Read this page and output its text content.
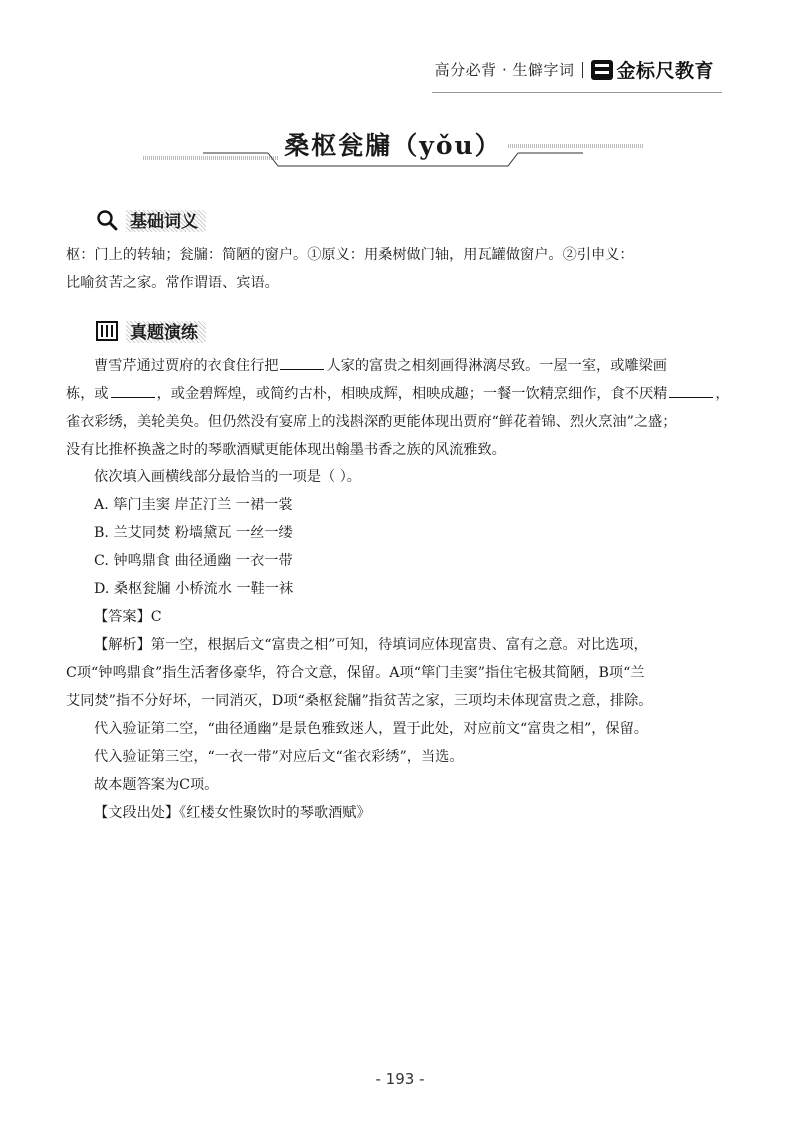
高分必背 · 生僻字词 金标尺教育
桑枢瓮牖（yǒu）
基础词义
枢：门上的转轴；瓮牖：简陋的窗户。①原义：用桑树做门轴，用瓦罐做窗户。②引申义：
比喻贫苦之家。常作谓语、宾语。
真题演练
曹雪芹通过贾府的衣食住行把	人家的富贵之相刻画得淋漓尽致。一屋一室，或雕梁画
栋，或	，或金碧辉煌，或简约古朴，相映成辉，相映成趣；一餐一饮精烹细作，食不厌精	，
雀衣彩绣，美轮美奂。但仍然没有宴席上的浅斟深酌更能体现出贾府“鲜花着锦、烈火烹油”之盛；
没有比推杯换盏之时的琴歌酒赋更能体现出翰墨书香之族的风流雅致。
依次填入画横线部分最恰当的一项是（ ）。
A. 筚门圭窦 岸芷汀兰 一裙一裳
B. 兰艾同焚 粉墙黛瓦 一丝一缕
C. 钟鸣鼎食 曲径通幽 一衣一带
D. 桑枢瓮牖 小桥流水 一鞋一袜
【答案】C
【解析】第一空，根据后文“富贵之相”可知，待填词应体现富贵、富有之意。对比选项，
C项“钟鸣鼎食”指生活奢侈豪华，符合文意，保留。A项“筚门圭窦”指住宅极其简陋，B项“兰
艾同焚”指不分好坏，一同消灭，D项“桑枢瓮牖”指贫苦之家，三项均未体现富贵之意，排除。
代入验证第二空，“曲径通幽”是景色雅致迷人，置于此处，对应前文“富贵之相”，保留。
代入验证第三空，“一衣一带”对应后文“雀衣彩绣”，当选。
故本题答案为C项。
【文段出处】《红楼女性聚饮时的琴歌酒赋》
- 193 -
